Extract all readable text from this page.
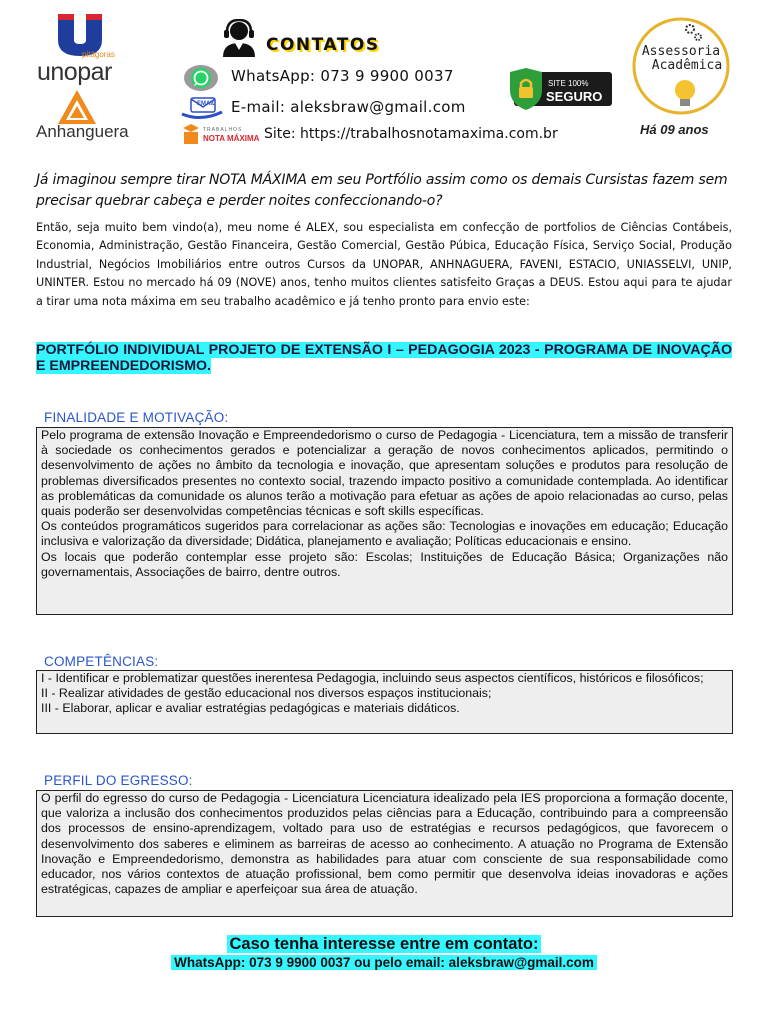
pitágoras
unopar
Anhanguera
CONTATOS
WhatsApp: 073 9 9900 0037
EMAIL E-mail: aleksbraw@gmail.com
TRABALHOS
NOTA MÁXIMA Site: https://trabalhosnotamaxima.com.br
SITE 100%
SEGURO
Assessoria
Acadêmica
Há 09 anos
Já imaginou sempre tirar NOTA MÁXIMA em seu Portfólio assim como os demais Cursistas fazem sem precisar quebrar cabeça e perder noites confeccionando-o?
Então, seja muito bem vindo(a), meu nome é ALEX, sou especialista em confecção de portfolios de Ciências Contábeis, Economia, Administração, Gestão Financeira, Gestão Comercial, Gestão Púbica, Educação Física, Serviço Social, Produção Industrial, Negócios Imobiliários entre outros Cursos da UNOPAR, ANHNAGUERA, FAVENI, ESTACIO, UNIASSELVI, UNIP, UNINTER. Estou no mercado há 09 (NOVE) anos, tenho muitos clientes satisfeito Graças a DEUS. Estou aqui para te ajudar a tirar uma nota máxima em seu trabalho acadêmico e já tenho pronto para envio este:
PORTFÓLIO INDIVIDUAL PROJETO DE EXTENSÃO I – PEDAGOGIA 2023 - PROGRAMA DE INOVAÇÃO E EMPREENDEDORISMO.
FINALIDADE E MOTIVAÇÃO:

Pelo programa de extensão Inovação e Empreendedorismo o curso de Pedagogia - Licenciatura, tem a missão de transferir à sociedade os conhecimentos gerados e potencializar a geração de novos conhecimentos aplicados, permitindo o desenvolvimento de ações no âmbito da tecnologia e inovação, que apresentam soluções e produtos para resolução de problemas diversificados presentes no contexto social, trazendo impacto positivo a comunidade contemplada. Ao identificar as problemáticas da comunidade os alunos terão a motivação para efetuar as ações de apoio relacionadas ao curso, pelas quais poderão ser desenvolvidas competências técnicas e soft skills específicas.

Os conteúdos programáticos sugeridos para correlacionar as ações são: Tecnologias e inovações em educação; Educação inclusiva e valorização da diversidade; Didática, planejamento e avaliação; Políticas educacionais e ensino.

Os locais que poderão contemplar esse projeto são: Escolas; Instituições de Educação Básica; Organizações não governamentais, Associações de bairro, dentre outros.

COMPETÊNCIAS:

I - Identificar e problematizar questões inerentesa Pedagogia, incluindo seus aspectos científicos, históricos e filosóficos;

II - Realizar atividades de gestão educacional nos diversos espaços institucionais;

III - Elaborar, aplicar e avaliar estratégias pedagógicas e materiais didáticos.

PERFIL DO EGRESSO:

O perfil do egresso do curso de Pedagogia - Licenciatura Licenciatura idealizado pela IES proporciona a formação docente, que valoriza a inclusão dos conhecimentos produzidos pelas ciências para a Educação, contribuindo para a compreensão dos processos de ensino-aprendizagem, voltado para uso de estratégias e recursos pedagógicos, que favorecem o desenvolvimento dos saberes e eliminem as barreiras de acesso ao conhecimento. A atuação no Programa de Extensão Inovação e Empreendedorismo, demonstra as habilidades para atuar com consciente de sua responsabilidade como educador, nos vários contextos de atuação profissional, bem como permitir que desenvolva ideias inovadoras e ações estratégicas, capazes de ampliar e aperfeiçoar sua área de atuação.

Caso tenha interesse entre em contato:
WhatsApp: 073 9 9900 0037 ou pelo email: aleksbraw@gmail.com
